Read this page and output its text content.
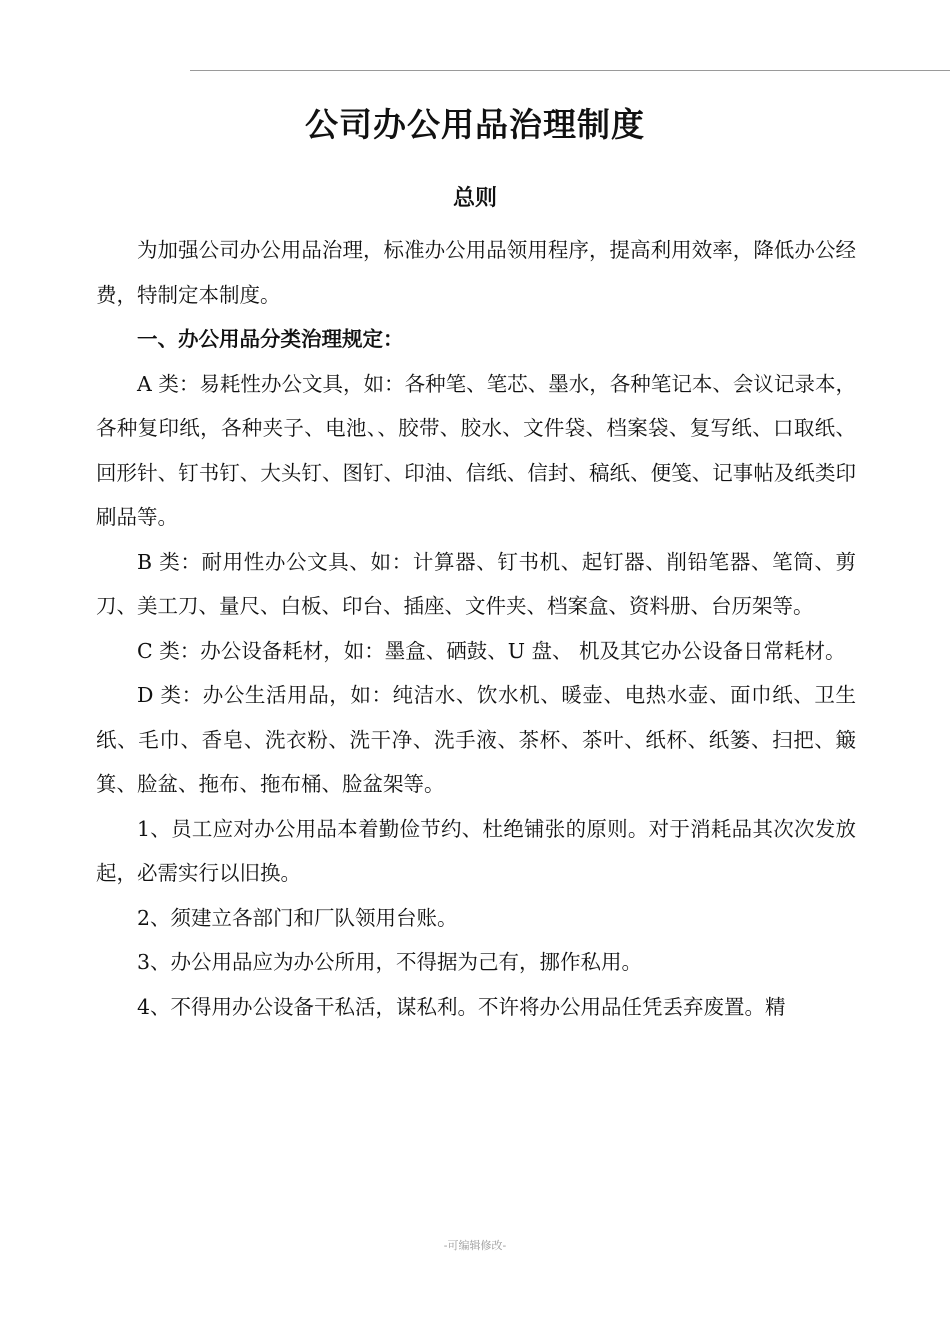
公司办公用品治理制度
总则

为加强公司办公用品治理，标准办公用品领用程序，提高利用效率，降低办公经费，特制定本制度。

一、办公用品分类治理规定：

A 类：易耗性办公文具，如：各种笔、笔芯、墨水，各种笔记本、会议记录本，各种复印纸，各种夹子、电池、、胶带、胶水、文件袋、档案袋、复写纸、口取纸、回形针、钉书钉、大头钉、图钉、印油、信纸、信封、稿纸、便笺、记事帖及纸类印刷品等。

B 类：耐用性办公文具、如：计算器、钉书机、起钉器、削铅笔器、笔筒、剪刀、美工刀、量尺、白板、印台、插座、文件夹、档案盒、资料册、台历架等。

C 类：办公设备耗材，如：墨盒、硒鼓、U 盘、 机及其它办公设备日常耗材。

D 类：办公生活用品，如：纯洁水、饮水机、暖壶、电热水壶、面巾纸、卫生纸、毛巾、香皂、洗衣粉、洗干净、洗手液、茶杯、茶叶、纸杯、纸篓、扫把、簸箕、脸盆、拖布、拖布桶、脸盆架等。

1、员工应对办公用品本着勤俭节约、杜绝铺张的原则。对于消耗品其次次发放起，必需实行以旧换。

2、须建立各部门和厂队领用台账。

3、办公用品应为办公所用，不得据为己有，挪作私用。

4、不得用办公设备干私活，谋私利。不许将办公用品任凭丢弃废置。精

-可编辑修改-
